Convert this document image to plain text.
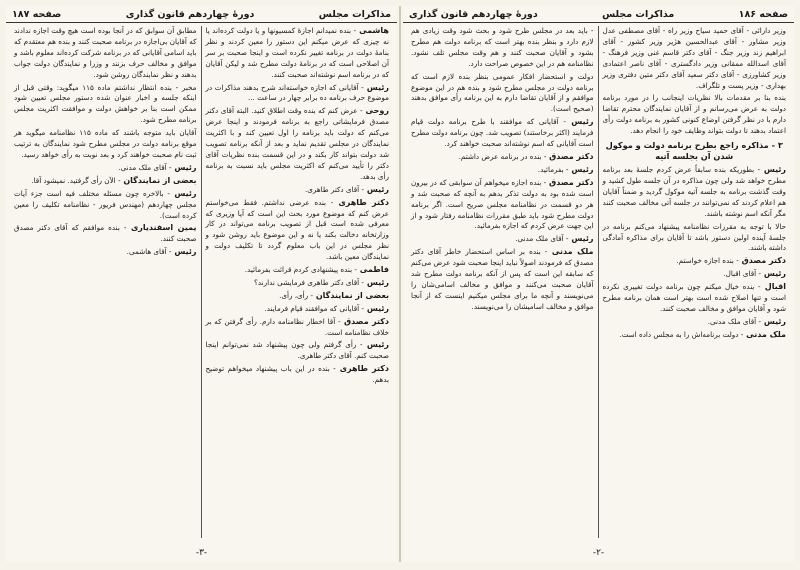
مذاکرات مجلس
دورهٔ چهاردهم قانون گذاری
صفحه ۱۸۷

هاشمی - بنده نمیدانم اجازهٔ کمسیونها و یا دولت کرده‌اند یا نه چیزی که عرض میکنم این دستور را معین کردند و نظر بنامهٔ دولت در برنامه تغییر نکرده است و اینجا صحبت بر سر آن اصلاحی است که در برنامهٔ دولت مطرح شد و لیکن آقایان که در برنامه اسم نوشته‌اند صحبت کنند.

رئیس - آقایانی که اجازه خواسته‌اند شرح بدهند مذاکرات در موضوع حرف برنامه ده برابر چهار در ساعت ...

روحی - عرض کنم که بنده وقت اطلاق کنید. البته آقای دکتر مصدق فرمایشاتی راجع به برنامه فرمودند و اینجا عرض می‌کنم که دولت باید برنامه را اول تعیین کند و با اکثریت نمایندگان در مجلس تقدیم نماید و بعد از آنکه برنامه تصویب شد دولت بتواند کار بکند و در این قسمت بنده نظریات آقای دکتر را تأیید می‌کنم که اکثریت مجلس باید نسبت به برنامه رأی بدهد.

رئیس - آقای دکتر طاهری.

دکتر طاهری - بنده عرضی نداشتم. فقط می‌خواستم عرض کنم که موضوع مورد بحث این است که آیا وزیری که معرفی شده است قبل از تصویب برنامه می‌تواند در کار وزارتخانه دخالت بکند یا نه و این موضوع باید روشن شود و نظر مجلس در این باب معلوم گردد تا تکلیف دولت و نمایندگان معین باشد.

فاطمی - بنده پیشنهادی کردم قرائت بفرمائید.

رئیس - آقای دکتر طاهری فرمایشی ندارند؟

بعضی از نمایندگان - رأی، رأی.

رئیس - آقایانی که موافقند قیام فرمایند.

دکتر مصدق - آقا اخطار نظامنامه دارم. رأی گرفتن که بر خلاف نظامنامه است.

رئیس - رأی گرفتم ولی چون پیشنهاد شد نمی‌توانم اینجا صحبت کنم. آقای دکتر طاهری.

دکتر طاهری - بنده در این باب پیشنهاد میخواهم توضیح بدهم.

مطابق آن سوابق که در آنجا بوده است هیچ وقت اجازه ندادند که آقایان بی‌اجازه در برنامه صحبت کنند و بنده هم معتقدم که باید اسامی آقایانی که در برنامه شرکت کرده‌اند معلوم باشد و موافق و مخالف حرف بزنند و وزرا و نمایندگان دولت جواب بدهند و نظر نمایندگان روشن شود.

مخبر - بنده انتظار نداشتم ماده ۱۱۵ میگوید: وقتی قبل از اینکه جلسه و اخبار عنوان شده دستور مجلس تعیین شود ممکن است بنا بر خواهش دولت و موافقت اکثریت مجلس برنامه مطرح شود.

آقایان باید متوجه باشند که ماده ۱۱۵ نظامنامه میگوید هر موقع برنامه دولت در مجلس مطرح شود نمایندگان به ترتیب ثبت نام صحبت خواهند کرد و بعد نوبت به رأی خواهد رسید.

رئیس - آقای ملک مدنی.

بعضی از نمایندگان - الآن رأی گرفتید. نمیشود آقا.

رئیس - بالاخره چون مسئله مختلف فیه است جزء آیات مجلس چهاردهم (مهندس فریور - نظامنامه تکلیف را معین کرده است).

یمین اسفندیاری - بنده موافقم که آقای دکتر مصدق صحبت کنند.

رئیس - آقای هاشمی.

-۳-
صفحه ۱۸۶
مذاکرات مجلس
دورهٔ چهاردهم قانون گذاری

وزیر دارائی - آقای حمید سیاح وزیر راه - آقای مصطفی عدل وزیر مشاور - آقای عبدالحسین هژیر وزیر کشور - آقای ابراهیم زند وزیر جنگ - آقای دکتر قاسم غنی وزیر فرهنگ - آقای اسدالله ممقانی وزیر دادگستری - آقای ناصر اعتمادی وزیر کشاورزی - آقای دکتر سعید آقای دکتر متین دفتری وزیر بهداری - وزیر پست و تلگراف.

بنده بنا بر مقدمات بالا نظریات اینجانب را در مورد برنامه دولت به عرض می‌رسانم و از آقایان نمایندگان محترم تقاضا دارم با در نظر گرفتن اوضاع کنونی کشور به برنامه دولت رأی اعتماد بدهند تا دولت بتواند وظایف خود را انجام دهد.

۳ - مذاکره راجع بطرح برنامه دولت و موکول شدن آن بجلسه آتیه

رئیس - بطوریکه بنده سابقاً عرض کردم جلسهٔ بعد برنامه مطرح خواهد شد ولی چون مذاکره در آن جلسه طول کشید و وقت گذشت برنامه به جلسه آتیه موکول گردید و ضمناً آقایان هم اعلام کردند که نمی‌توانند در جلسه آتی مخالف صحبت کنند مگر آنکه اسم نوشته باشند.

حالا با توجه به مقررات نظامنامه پیشنهاد می‌کنم برنامه در جلسهٔ آینده اولین دستور باشد تا آقایان برای مذاکره آمادگی داشته باشند.

دکتر مصدق - بنده اجازه خواستم.

رئیس - آقای اقبال.

اقبال - بنده خیال میکنم چون برنامه دولت تغییری نکرده است و تنها اصلاح شده است بهتر است همان برنامه مطرح شود و آقایان موافق و مخالف صحبت کنند.

رئیس - آقای ملک مدنی.

ملک مدنی - دولت برنامه‌اش را به مجلس داده است.

- باید بعد در مجلس طرح شود و بحث شود وقت زیادی هم لازم دارد و بنظر بنده بهتر است که برنامه دولت هم مطرح بشود و آقایان صحبت کنند و هم وقت مجلس تلف نشود. نظامنامه هم در این خصوص صراحت دارد.

دولت و استحضار افکار عمومی بنظر بنده لازم است که برنامه دولت در مجلس مطرح شود و بنده هم در این موضوع موافقم و از آقایان تقاضا دارم به این برنامه رأی موافق بدهند (صحیح است).

رئیس - آقایانی که موافقند با طرح برنامه دولت قیام فرمایند (اکثر برخاستند) تصویب شد. چون برنامه دولت مطرح است آقایانی که اسم نوشته‌اند صحبت خواهند کرد.

دکتر مصدق - بنده در برنامه عرض داشتم.

رئیس - بفرمائید.

دکتر مصدق - بنده اجازه میخواهم آن سوابقی که در بیرون است شده بود به دولت تذکر بدهم به آنچه که صحبت شد و هر دو قسمت در نظامنامه مجلس صریح است. اگر برنامه دولت مطرح شود باید طبق مقررات نظامنامه رفتار شود و از این جهت عرض کردم که اجازه بفرمائید.

رئیس - آقای ملک مدنی.

ملک مدنی - بنده بر اساس استحضار خاطر آقای دکتر مصدق که فرمودند اصولاً نباید اینجا صحبت شود عرض می‌کنم که سابقه این است که پس از آنکه برنامه دولت مطرح شد آقایان صحبت می‌کنند و موافق و مخالف اسامی‌شان را می‌نویسند و آنچه ما برای مجلس میکنیم اینست که از آنجا موافق و مخالف اسامیشان را می‌نویسند.

-۲-
